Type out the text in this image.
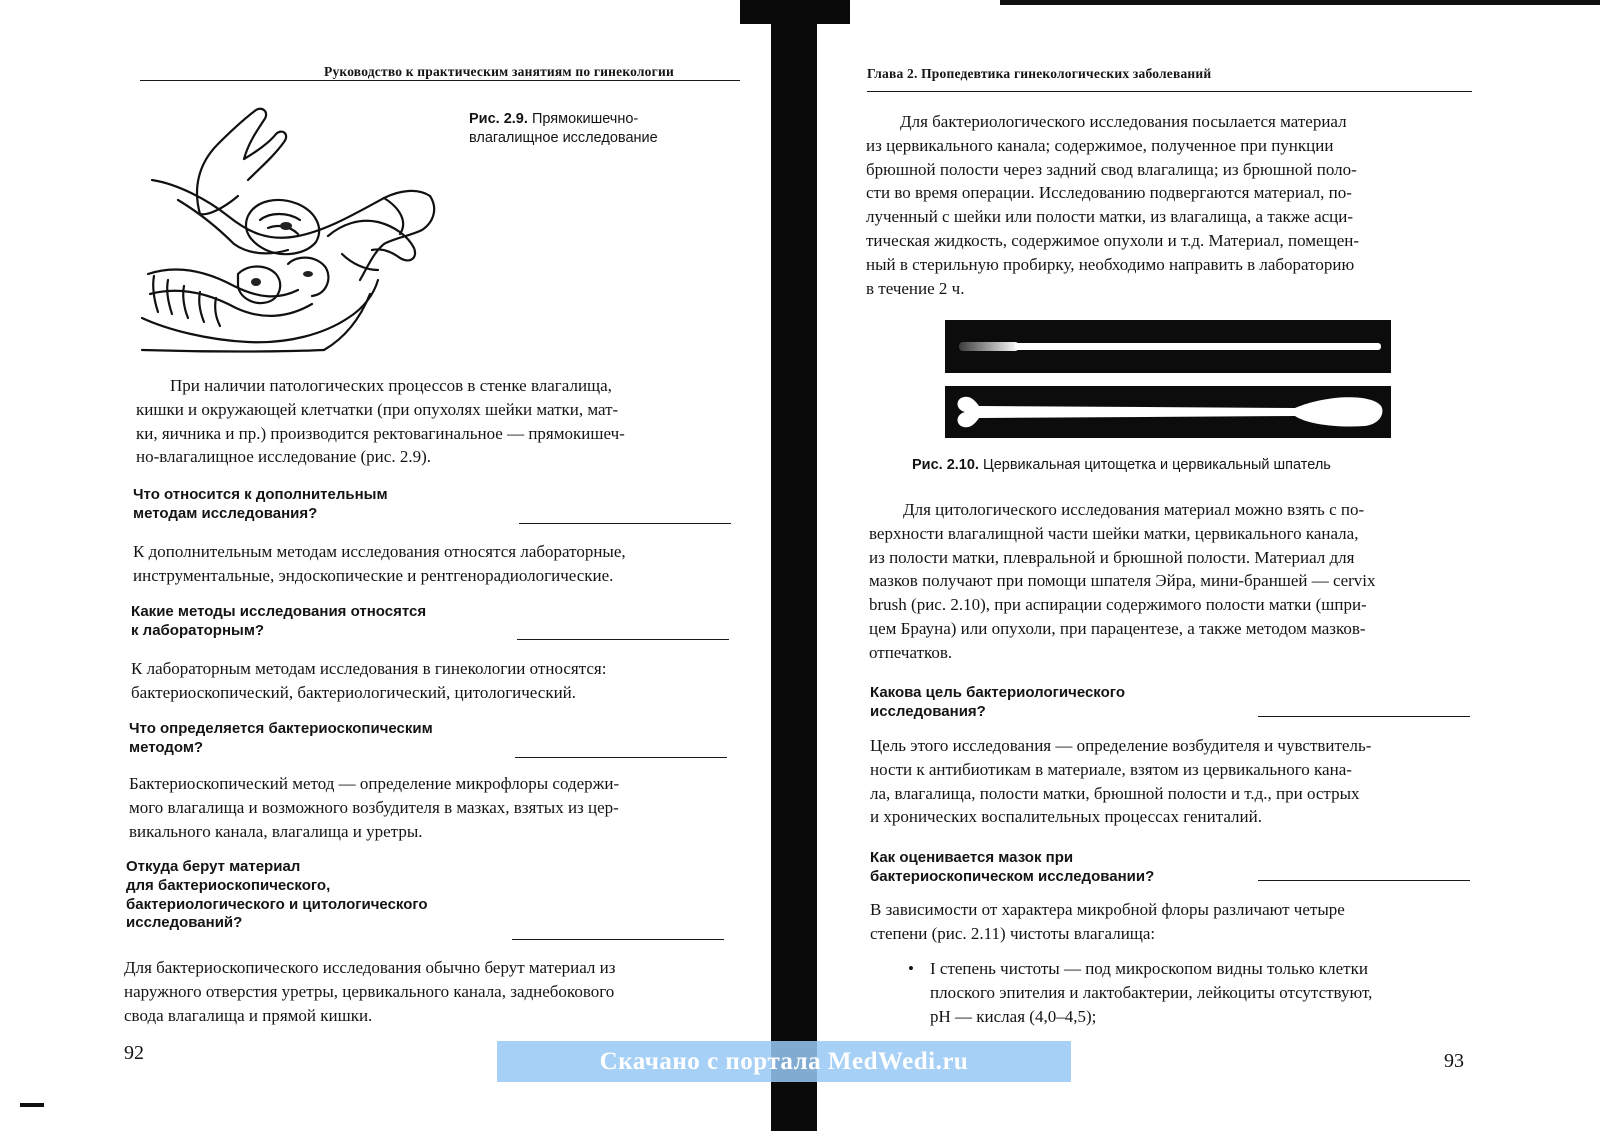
Руководство к практическим занятиям по гинекологии
Рис. 2.9. Прямокишечно-
влагалищное исследование

При наличии патологических процессов в стенке влагалища,
кишки и окружающей клетчатки (при опухолях шейки матки, мат-
ки, яичника и пр.) производится ректовагинальное — прямокишеч-
но-влагалищное исследование (рис. 2.9).

Что относится к дополнительным
методам исследования?

К дополнительным методам исследования относятся лабораторные,
инструментальные, эндоскопические и рентгенорадиологические.

Какие методы исследования относятся
к лабораторным?

К лабораторным методам исследования в гинекологии относятся:
бактериоскопический, бактериологический, цитологический.

Что определяется бактериоскопическим
методом?

Бактериоскопический метод — определение микрофлоры содержи-
мого влагалища и возможного возбудителя в мазках, взятых из цер-
викального канала, влагалища и уретры.

Откуда берут материал
для бактериоскопического,
бактериологического и цитологического
исследований?

Для бактериоскопического исследования обычно берут материал из
наружного отверстия уретры, цервикального канала, заднебокового
свода влагалища и прямой кишки.

92
Глава 2. Пропедевтика гинекологических заболеваний

Для бактериологического исследования посылается материал
из цервикального канала; содержимое, полученное при пункции
брюшной полости через задний свод влагалища; из брюшной поло-
сти во время операции. Исследованию подвергаются материал, по-
лученный с шейки или полости матки, из влагалища, а также асци-
тическая жидкость, содержимое опухоли и т.д. Материал, помещен-
ный в стерильную пробирку, необходимо направить в лабораторию
в течение 2 ч.

Рис. 2.10. Цервикальная цитощетка и цервикальный шпатель

Для цитологического исследования материал можно взять с по-
верхности влагалищной части шейки матки, цервикального канала,
из полости матки, плевральной и брюшной полости. Материал для
мазков получают при помощи шпателя Эйра, мини-браншей — cervix
brush (рис. 2.10), при аспирации содержимого полости матки (шпри-
цем Брауна) или опухоли, при парацентезе, а также методом мазков-
отпечатков.

Какова цель бактериологического
исследования?

Цель этого исследования — определение возбудителя и чувствитель-
ности к антибиотикам в материале, взятом из цервикального кана-
ла, влагалища, полости матки, брюшной полости и т.д., при острых
и хронических воспалительных процессах гениталий.

Как оценивается мазок при
бактериоскопическом исследовании?

В зависимости от характера микробной флоры различают четыре
степени (рис. 2.11) чистоты влагалища:

• I степень чистоты — под микроскопом видны только клетки
плоского эпителия и лактобактерии, лейкоциты отсутствуют,
pH — кислая (4,0–4,5);
93
Скачано с портала MedWedi.ru
